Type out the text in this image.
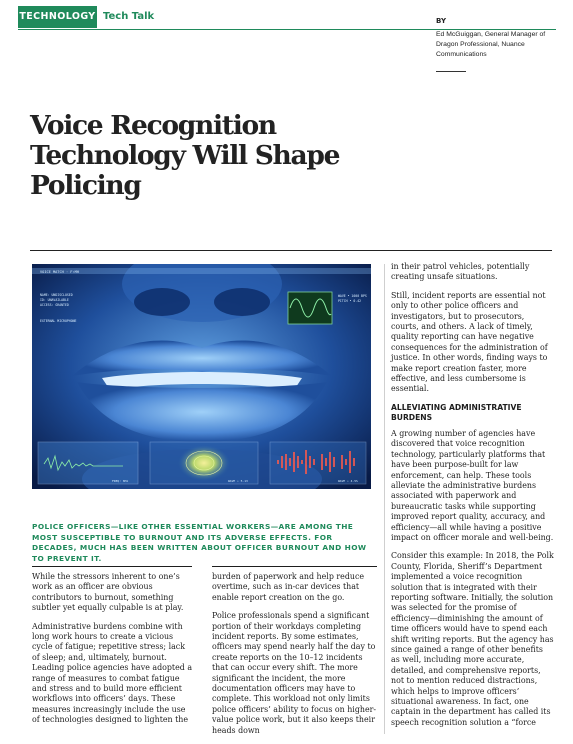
TECHNOLOGY Tech Talk	BY
Ed McGuiggan, General Manager of Dragon Professional, Nuance Communications
Voice Recognition Technology Will Shape Policing
VOICE MATCH · F:MH
NAME: UNDISCLOSED
ID: UNAVAILABLE
ACCESS: GRANTED
EXTERNAL MICROPHONE
WAVE • 1000 BPS
PITCH • 0.42
FREQ: 8Hz	WAVE • 5.13	WAVE • 4.5%
POLICE OFFICERS—LIKE OTHER ESSENTIAL WORKERS—ARE AMONG THE MOST SUSCEPTIBLE TO BURNOUT AND ITS ADVERSE EFFECTS. FOR DECADES, MUCH HAS BEEN WRITTEN ABOUT OFFICER BURNOUT AND HOW TO PREVENT IT.

While the stressors inherent to one’s work as an officer are obvious contributors to burnout, something subtler yet equally culpable is at play.

Administrative burdens combine with long work hours to create a vicious cycle of fatigue; repetitive stress; lack of sleep; and, ultimately, burnout. Leading police agencies have adopted a range of measures to combat fatigue and stress and to build more efficient workflows into officers’ days. These measures increasingly include the use of technologies designed to lighten the

burden of paperwork and help reduce overtime, such as in-car devices that enable report creation on the go.

Police professionals spend a significant portion of their workdays completing incident reports. By some estimates, officers may spend nearly half the day to create reports on the 10–12 incidents that can occur every shift. The more significant the incident, the more documentation officers may have to complete. This workload not only limits police officers’ ability to focus on higher-value police work, but it also keeps their heads down

in their patrol vehicles, potentially creating unsafe situations.

Still, incident reports are essential not only to other police officers and investigators, but to prosecutors, courts, and others. A lack of timely, quality reporting can have negative consequences for the administration of justice. In other words, finding ways to make report creation faster, more effective, and less cumbersome is essential.

ALLEVIATING ADMINISTRATIVE BURDENS

A growing number of agencies have discovered that voice recognition technology, particularly platforms that have been purpose-built for law enforcement, can help. These tools alleviate the administrative burdens associated with paperwork and bureaucratic tasks while supporting improved report quality, accuracy, and efficiency—all while having a positive impact on officer morale and well-being.

Consider this example: In 2018, the Polk County, Florida, Sheriff’s Department implemented a voice recognition solution that is integrated with their reporting software. Initially, the solution was selected for the promise of efficiency—diminishing the amount of time officers would have to spend each shift writing reports. But the agency has since gained a range of other benefits as well, including more accurate, detailed, and comprehensive reports, not to mention reduced distractions, which helps to improve officers’ situational awareness. In fact, one captain in the department has called its speech recognition solution a “force
